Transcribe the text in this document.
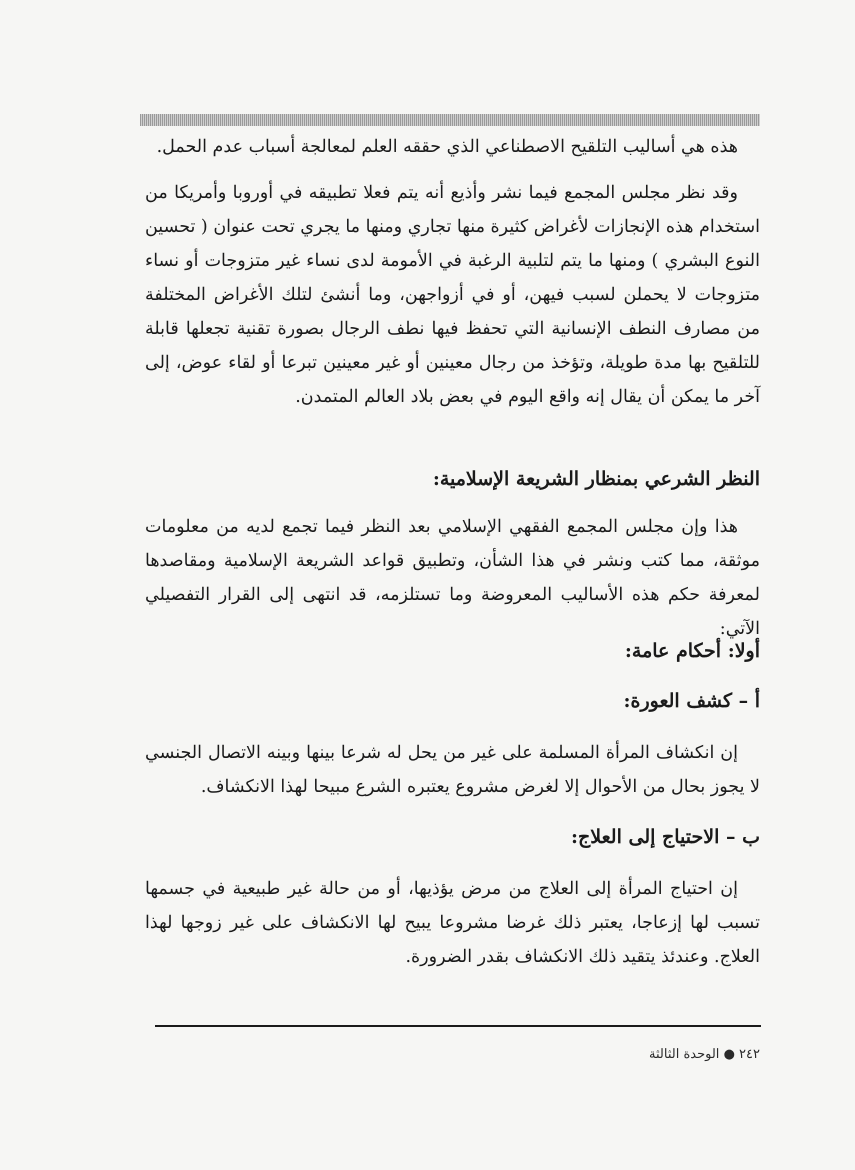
هذه هي أساليب التلقيح الاصطناعي الذي حققه العلم لمعالجة أسباب عدم الحمل.

وقد نظر مجلس المجمع فيما نشر وأذيع أنه يتم فعلا تطبيقه في أوروبا وأمريكا من استخدام هذه الإنجازات لأغراض كثيرة منها تجاري ومنها ما يجري تحت عنوان ( تحسين النوع البشري ) ومنها ما يتم لتلبية الرغبة في الأمومة لدى نساء غير متزوجات أو نساء متزوجات لا يحملن لسبب فيهن، أو في أزواجهن، وما أنشئ لتلك الأغراض المختلفة من مصارف النطف الإنسانية التي تحفظ فيها نطف الرجال بصورة تقنية تجعلها قابلة للتلقيح بها مدة طويلة، وتؤخذ من رجال معينين أو غير معينين تبرعا أو لقاء عوض، إلى آخر ما يمكن أن يقال إنه واقع اليوم في بعض بلاد العالم المتمدن.

النظر الشرعي بمنظار الشريعة الإسلامية:

هذا وإن مجلس المجمع الفقهي الإسلامي بعد النظر فيما تجمع لديه من معلومات موثقة، مما كتب ونشر في هذا الشأن، وتطبيق قواعد الشريعة الإسلامية ومقاصدها لمعرفة حكم هذه الأساليب المعروضة وما تستلزمه، قد انتهى إلى القرار التفصيلي الآتي:

أولا: أحكام عامة:
أ – كشف العورة:

إن انكشاف المرأة المسلمة على غير من يحل له شرعا بينها وبينه الاتصال الجنسي لا يجوز بحال من الأحوال إلا لغرض مشروع يعتبره الشرع مبيحا لهذا الانكشاف.

ب – الاحتياج إلى العلاج:

إن احتياج المرأة إلى العلاج من مرض يؤذيها، أو من حالة غير طبيعية في جسمها تسبب لها إزعاجا، يعتبر ذلك غرضا مشروعا يبيح لها الانكشاف على غير زوجها لهذا العلاج. وعندئذ يتقيد ذلك الانكشاف بقدر الضرورة.

٢٤٢ ● الوحدة الثالثة
